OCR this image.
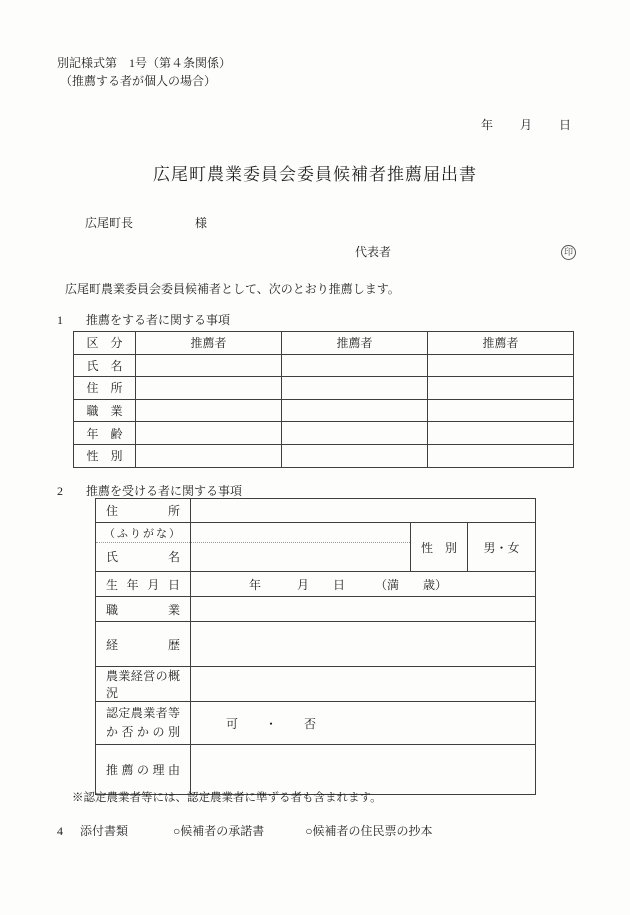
別記様式第　1号（第４条関係）
（推薦する者が個人の場合）
年　　月　　日
広尾町農業委員会委員候補者推薦届出書
広尾町長	様
代表者	印
広尾町農業委員会委員候補者として、次のとおり推薦します。
1	推薦をする者に関する事項
区　分	推薦者	推薦者	推薦者
氏　名			
住　所			
職　業			
年　齢			
性　別			
2	推薦を受ける者に関する事項
住所			

（ふりがな）
氏名		性　別	男・女

生年月日	年　　　月　　日　　　（満　　歳）		

職業			

経歴			

農業経営の概況			

認定農業者等
か否かの別	可　　・　　否		

推薦の理由			

※認定農業者等には、認定農業者に準ずる者も含まれます。
4 添付書類	○候補者の承諾書	○候補者の住民票の抄本
